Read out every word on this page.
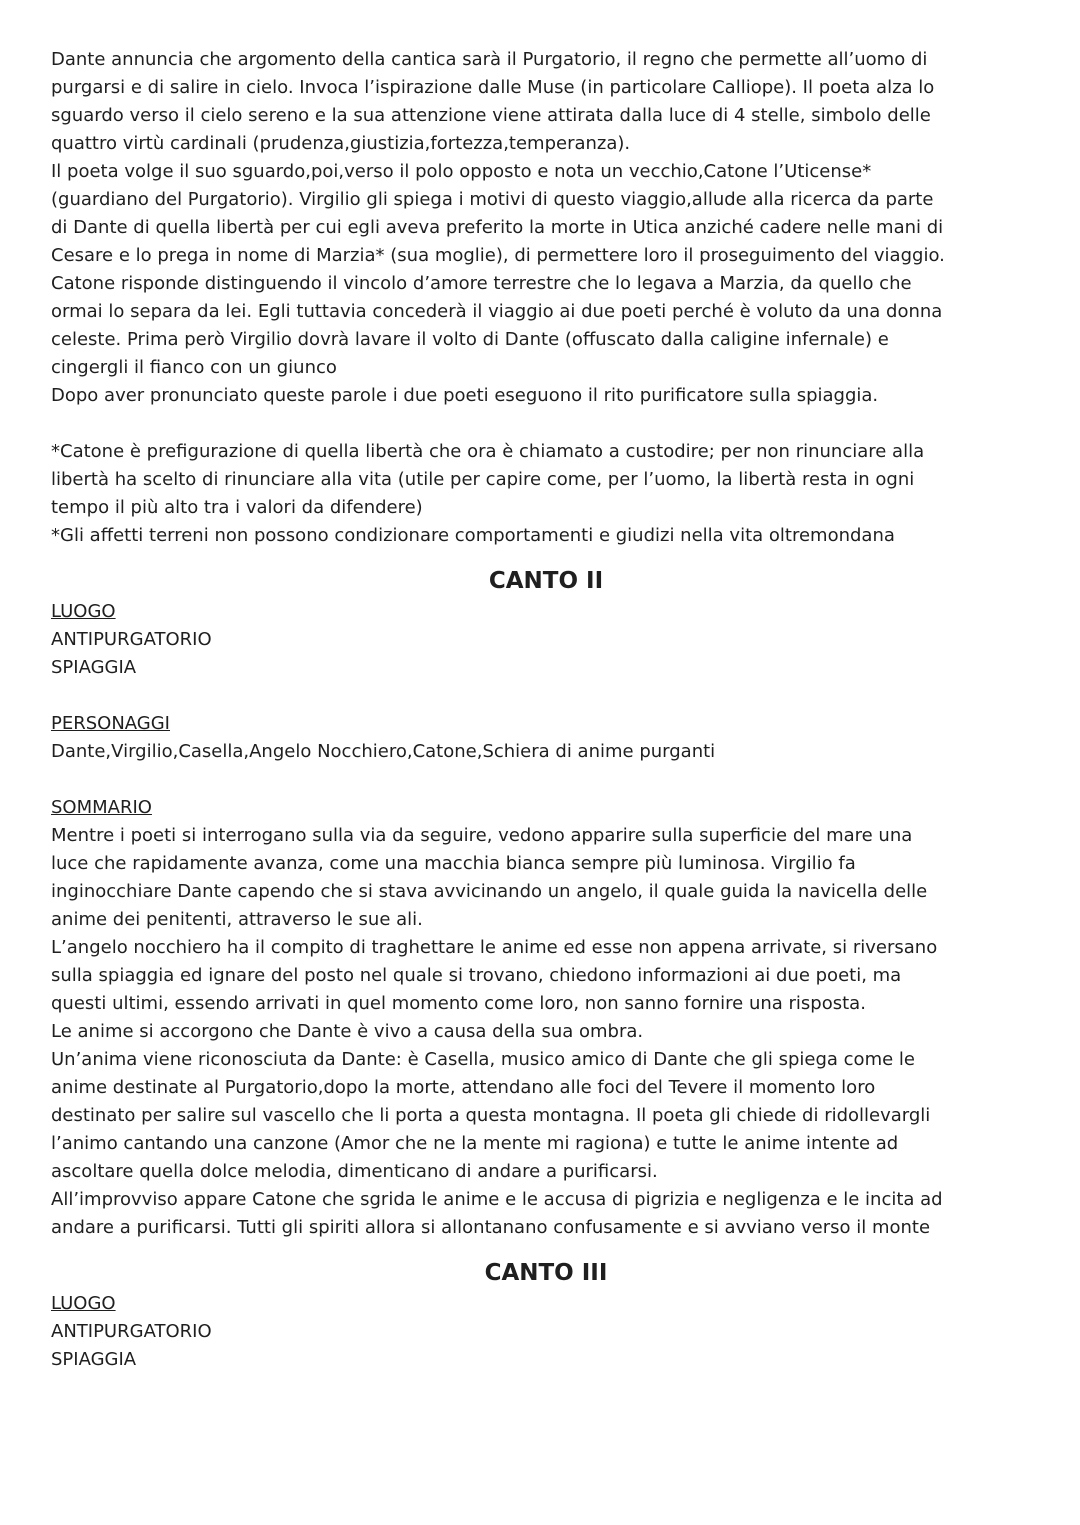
Dante annuncia che argomento della cantica sarà il Purgatorio, il regno che permette all’uomo di
purgarsi e di salire in cielo. Invoca l’ispirazione dalle Muse (in particolare Calliope). Il poeta alza lo
sguardo verso il cielo sereno e la sua attenzione viene attirata dalla luce di 4 stelle, simbolo delle
quattro virtù cardinali (prudenza,giustizia,fortezza,temperanza).
Il poeta volge il suo sguardo,poi,verso il polo opposto e nota un vecchio,Catone l’Uticense*
(guardiano del Purgatorio). Virgilio gli spiega i motivi di questo viaggio,allude alla ricerca da parte
di Dante di quella libertà per cui egli aveva preferito la morte in Utica anziché cadere nelle mani di
Cesare e lo prega in nome di Marzia* (sua moglie), di permettere loro il proseguimento del viaggio.
Catone risponde distinguendo il vincolo d’amore terrestre che lo legava a Marzia, da quello che
ormai lo separa da lei. Egli tuttavia concederà il viaggio ai due poeti perché è voluto da una donna
celeste. Prima però Virgilio dovrà lavare il volto di Dante (offuscato dalla caligine infernale) e
cingergli il fianco con un giunco
Dopo aver pronunciato queste parole i due poeti eseguono il rito purificatore sulla spiaggia.
*Catone è prefigurazione di quella libertà che ora è chiamato a custodire; per non rinunciare alla
libertà ha scelto di rinunciare alla vita (utile per capire come, per l’uomo, la libertà resta in ogni
tempo il più alto tra i valori da difendere)
*Gli affetti terreni non possono condizionare comportamenti e giudizi nella vita oltremondana
CANTO II
LUOGO
ANTIPURGATORIO
SPIAGGIA
PERSONAGGI
Dante,Virgilio,Casella,Angelo Nocchiero,Catone,Schiera di anime purganti
SOMMARIO
Mentre i poeti si interrogano sulla via da seguire, vedono apparire sulla superficie del mare una
luce che rapidamente avanza, come una macchia bianca sempre più luminosa. Virgilio fa
inginocchiare Dante capendo che si stava avvicinando un angelo, il quale guida la navicella delle
anime dei penitenti, attraverso le sue ali.
L’angelo nocchiero ha il compito di traghettare le anime ed esse non appena arrivate, si riversano
sulla spiaggia ed ignare del posto nel quale si trovano, chiedono informazioni ai due poeti, ma
questi ultimi, essendo arrivati in quel momento come loro, non sanno fornire una risposta.
Le anime si accorgono che Dante è vivo a causa della sua ombra.
Un’anima viene riconosciuta da Dante: è Casella, musico amico di Dante che gli spiega come le
anime destinate al Purgatorio,dopo la morte, attendano alle foci del Tevere il momento loro
destinato per salire sul vascello che li porta a questa montagna. Il poeta gli chiede di ridollevargli
l’animo cantando una canzone (Amor che ne la mente mi ragiona) e tutte le anime intente ad
ascoltare quella dolce melodia, dimenticano di andare a purificarsi.
All’improvviso appare Catone che sgrida le anime e le accusa di pigrizia e negligenza e le incita ad
andare a purificarsi. Tutti gli spiriti allora si allontanano confusamente e si avviano verso il monte
CANTO III
LUOGO
ANTIPURGATORIO
SPIAGGIA
